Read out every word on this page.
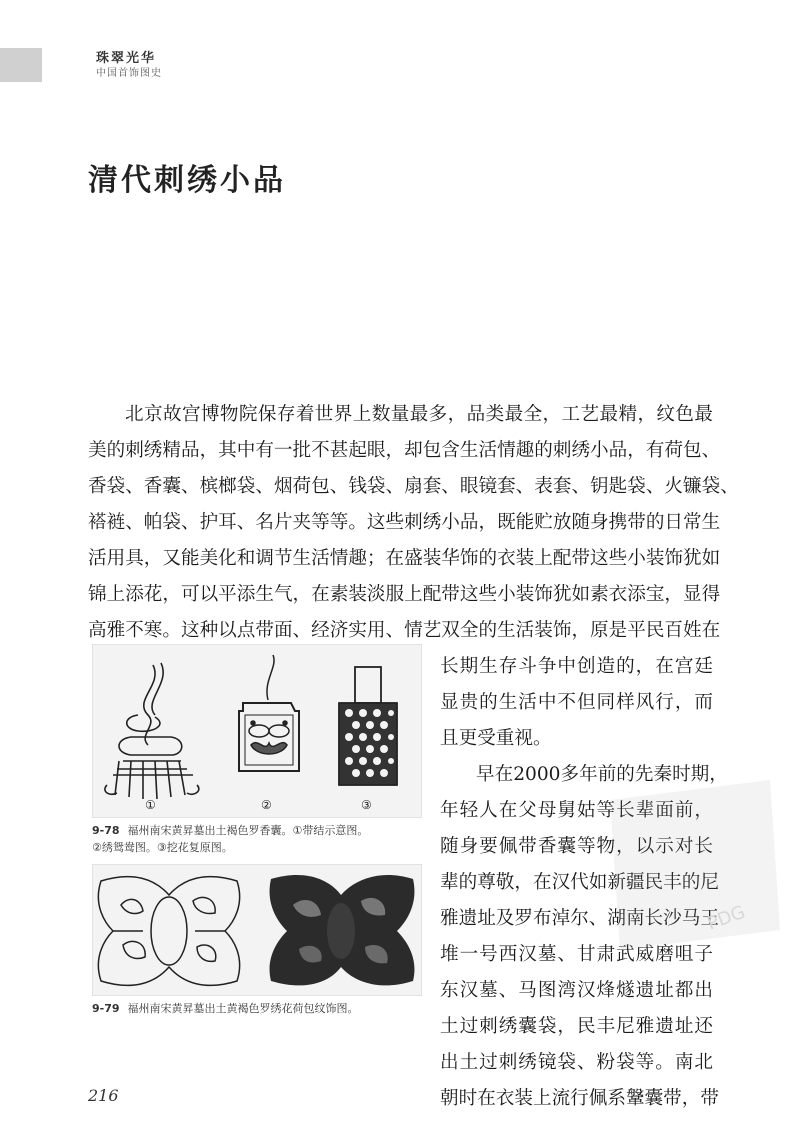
珠翠光华
中国首饰图史
清代刺绣小品

北京故宫博物院保存着世界上数量最多，品类最全，工艺最精，纹色最

美的刺绣精品，其中有一批不甚起眼，却包含生活情趣的刺绣小品，有荷包、

香袋、香囊、槟榔袋、烟荷包、钱袋、扇套、眼镜套、表套、钥匙袋、火镰袋、

褡裢、帕袋、护耳、名片夹等等。这些刺绣小品，既能贮放随身携带的日常生

活用具，又能美化和调节生活情趣；在盛装华饰的衣装上配带这些小装饰犹如

锦上添花，可以平添生气，在素装淡服上配带这些小装饰犹如素衣添宝，显得

高雅不寒。这种以点带面、经济实用、情艺双全的生活装饰，原是平民百姓在

长期生存斗争中创造的，在宫廷

显贵的生活中不但同样风行，而

且更受重视。

早在2000多年前的先秦时期，

年轻人在父母舅姑等长辈面前，

随身要佩带香囊等物，以示对长

辈的尊敬，在汉代如新疆民丰的尼

雅遗址及罗布淖尔、湖南长沙马王

堆一号西汉墓、甘肃武威磨咀子

东汉墓、马图湾汉烽燧遗址都出

土过刺绣囊袋，民丰尼雅遗址还

出土过刺绣镜袋、粉袋等。南北

朝时在衣装上流行佩系鞶囊带，带

①	②	③
9-78 福州南宋黄昇墓出土褐色罗香囊。①带结示意图。
②绣鸳鸯图。③挖花复原图。
9-79 福州南宋黄昇墓出土黄褐色罗绣花荷包纹饰图。
PDG
216
